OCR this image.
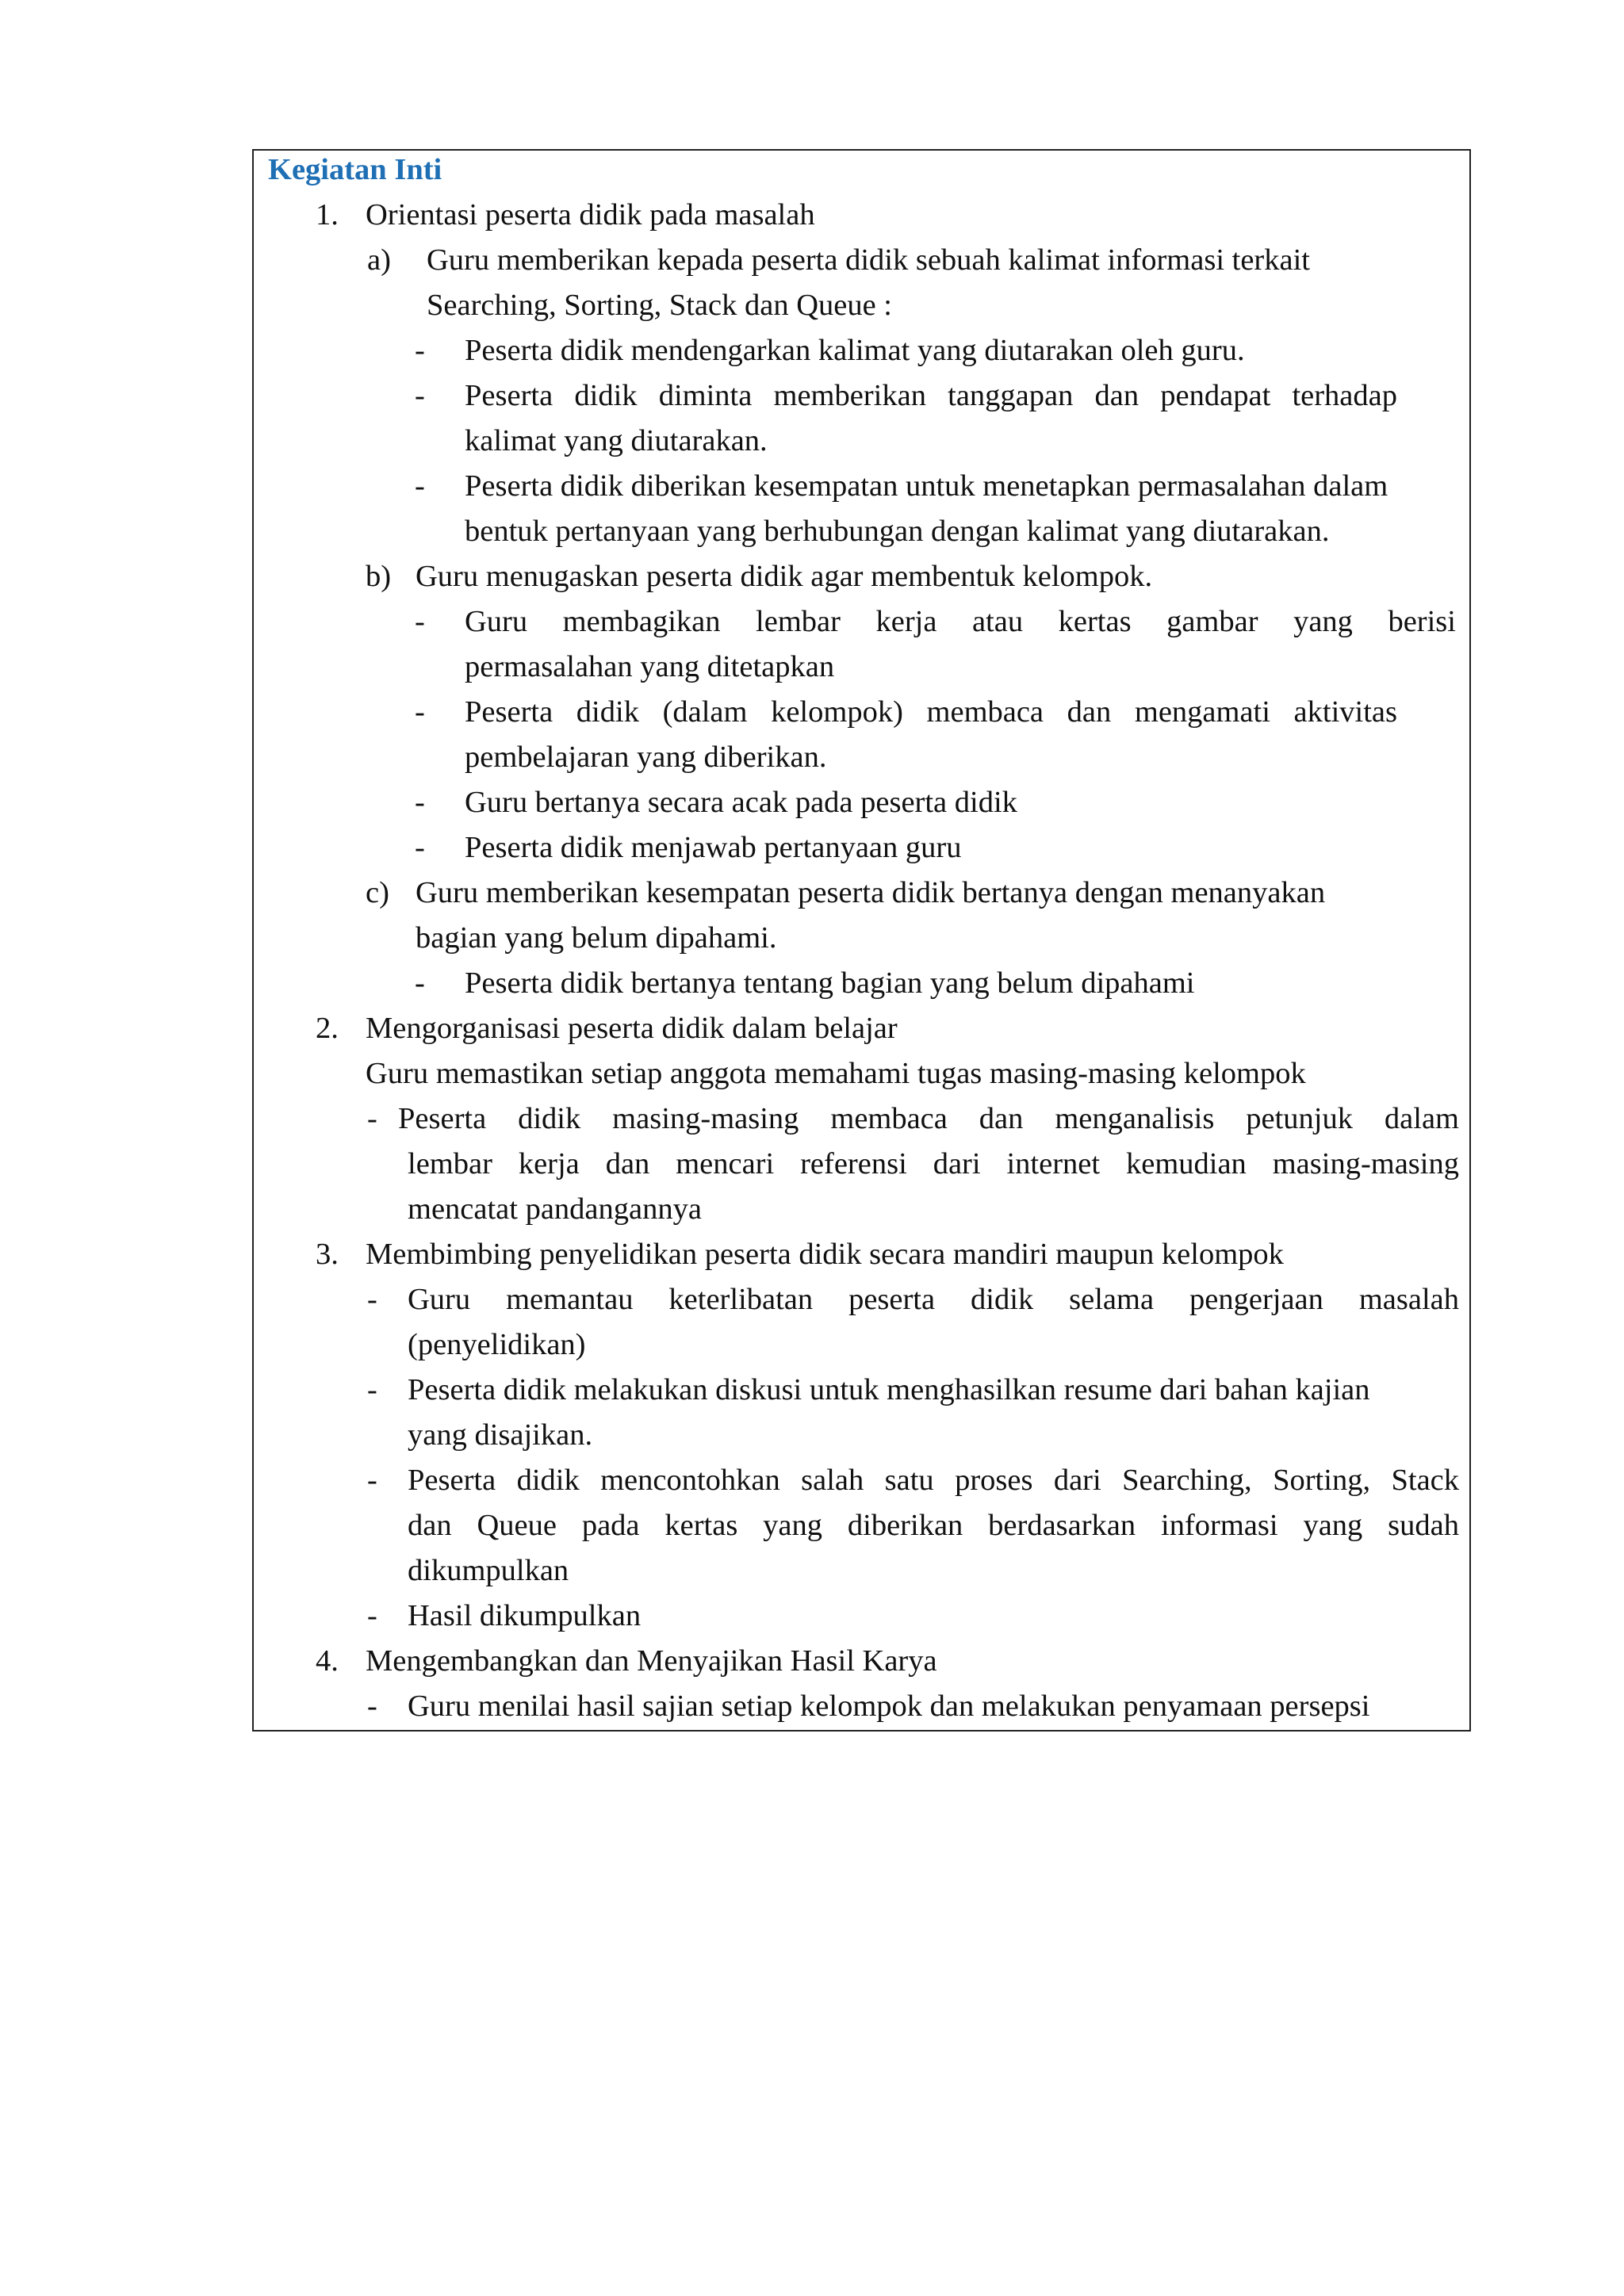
Kegiatan Inti
1. Orientasi peserta didik pada masalah
a) Guru memberikan kepada peserta didik sebuah kalimat informasi terkait
Searching, Sorting, Stack dan Queue :
- Peserta didik mendengarkan kalimat yang diutarakan oleh guru.
- Peserta didik diminta memberikan tanggapan dan pendapat terhadap
kalimat yang diutarakan.
- Peserta didik diberikan kesempatan untuk menetapkan permasalahan dalam
bentuk pertanyaan yang berhubungan dengan kalimat yang diutarakan.
b) Guru menugaskan peserta didik agar membentuk kelompok.
- Guru membagikan lembar kerja atau kertas gambar yang berisi
permasalahan yang ditetapkan
- Peserta didik (dalam kelompok) membaca dan mengamati aktivitas
pembelajaran yang diberikan.
- Guru bertanya secara acak pada peserta didik
- Peserta didik menjawab pertanyaan guru
c) Guru memberikan kesempatan peserta didik bertanya dengan menanyakan
bagian yang belum dipahami.
- Peserta didik bertanya tentang bagian yang belum dipahami
2. Mengorganisasi peserta didik dalam belajar
Guru memastikan setiap anggota memahami tugas masing-masing kelompok
- Peserta didik masing-masing membaca dan menganalisis petunjuk dalam
lembar kerja dan mencari referensi dari internet kemudian masing-masing
mencatat pandangannya
3. Membimbing penyelidikan peserta didik secara mandiri maupun kelompok
- Guru memantau keterlibatan peserta didik selama pengerjaan masalah
(penyelidikan)
- Peserta didik melakukan diskusi untuk menghasilkan resume dari bahan kajian
yang disajikan.
- Peserta didik mencontohkan salah satu proses dari Searching, Sorting, Stack
dan Queue pada kertas yang diberikan berdasarkan informasi yang sudah
dikumpulkan
- Hasil dikumpulkan
4. Mengembangkan dan Menyajikan Hasil Karya
- Guru menilai hasil sajian setiap kelompok dan melakukan penyamaan persepsi
